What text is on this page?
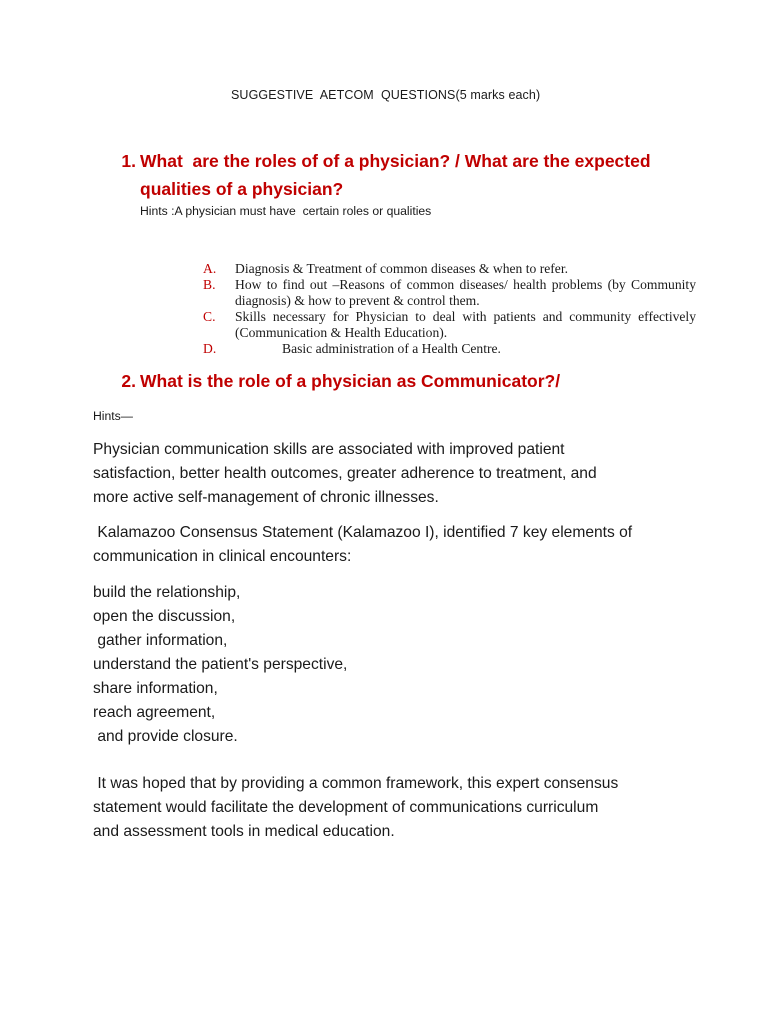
SUGGESTIVE  AETCOM  QUESTIONS(5 marks each)
1. What  are the roles of of a physician? / What are the expected
qualities of a physician?
Hints :A physician must have  certain roles or qualities
A. Diagnosis & Treatment of common diseases & when to refer.
B. How to find out –Reasons of common diseases/ health problems (by Community diagnosis) & how to prevent & control them.
C. Skills necessary for Physician to deal with patients and community effectively (Communication & Health Education).
D.	Basic administration of a Health Centre.
2. What is the role of a physician as Communicator?/
Hints—
Physician communication skills are associated with improved patient
satisfaction, better health outcomes, greater adherence to treatment, and
more active self-management of chronic illnesses.
Kalamazoo Consensus Statement (Kalamazoo I), identified 7 key elements of
communication in clinical encounters:
build the relationship,
open the discussion,
gather information,
understand the patient's perspective,
share information,
reach agreement,
and provide closure.
It was hoped that by providing a common framework, this expert consensus
statement would facilitate the development of communications curriculum
and assessment tools in medical education.
